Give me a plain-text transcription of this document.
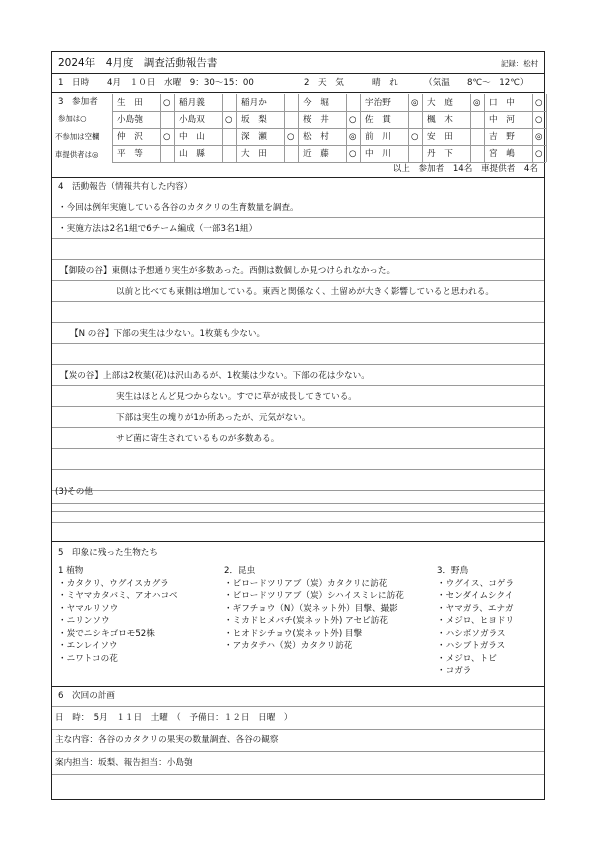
2024年　4月度　調査活動報告書	記録：松村
1　日時 4月　１０日　水曜　9：30～15：00	2　天　気	晴　れ	（気温　　8℃～　12℃）
3　参加者
参加は○
不参加は空欄
車提供者は◎
生　田 ○ 稲月義	稲月か	今　堀	宇治野 ◎ 大　庭 ◎ 口　中 ○
小島匏	小島双 ○ 坂　梨	桜　井 ○ 佐　貫	楓　木	中　河 ○
仲　沢 ○ 中　山	深　瀬 ○ 松　村 ◎ 前　川 ○ 安　田	吉　野 ◎
平　等	山　縣	大　田	近　藤 ○ 中　川	丹　下	宮　嶋 ○
以上　参加者　14名　車提供者　4名
4　活動報告（情報共有した内容）
・今回は例年実施している各谷のカタクリの生育数量を調査。
・実施方法は2名1組で6チーム編成（一部3名1組）
【御陵の谷】東側は予想通り実生が多数あった。西側は数個しか見つけられなかった。
以前と比べても東側は増加している。東西と関係なく、土留めが大きく影響していると思われる。
【N の谷】下部の実生は少ない。1枚葉も少ない。
【炭の谷】上部は2枚葉(花)は沢山あるが、1枚葉は少ない。下部の花は少ない。
実生はほとんど見つからない。すでに草が成長してきている。
下部は実生の塊りが1か所あったが、元気がない。
サビ菌に寄生されているものが多数ある。
(3)その他
5　印象に残った生物たち
1 植物
・カタクリ、ウグイスカグラ
・ミヤマカタバミ、アオハコベ
・ヤマルリソウ
・ニリンソウ
・炭でニシキゴロモ52株
・エンレイソウ
・ニワトコの花
2．昆虫
・ビロードツリアブ（炭）カタクリに訪花
・ビロードツリアブ（炭）シハイスミレに訪花
・ギフチョウ（N）（炭ネット外）目撃、撮影
・ミカドヒメバチ(炭ネット外) アセビ訪花
・ヒオドシチョウ(炭ネット外) 目撃
・アカタテハ（炭）カタクリ訪花
3．野鳥
・ウグイス、コゲラ
・センダイムシクイ
・ヤマガラ、エナガ
・メジロ、ヒヨドリ
・ハシボソガラス
・ハシブトガラス
・メジロ、トビ
・コガラ
6　次回の計画
日　時：　5月　１１日　土曜　（　予備日：１２日　日曜　）
主な内容：各谷のカタクリの果実の数量調査、各谷の観察
案内担当：坂梨、報告担当：小島匏
